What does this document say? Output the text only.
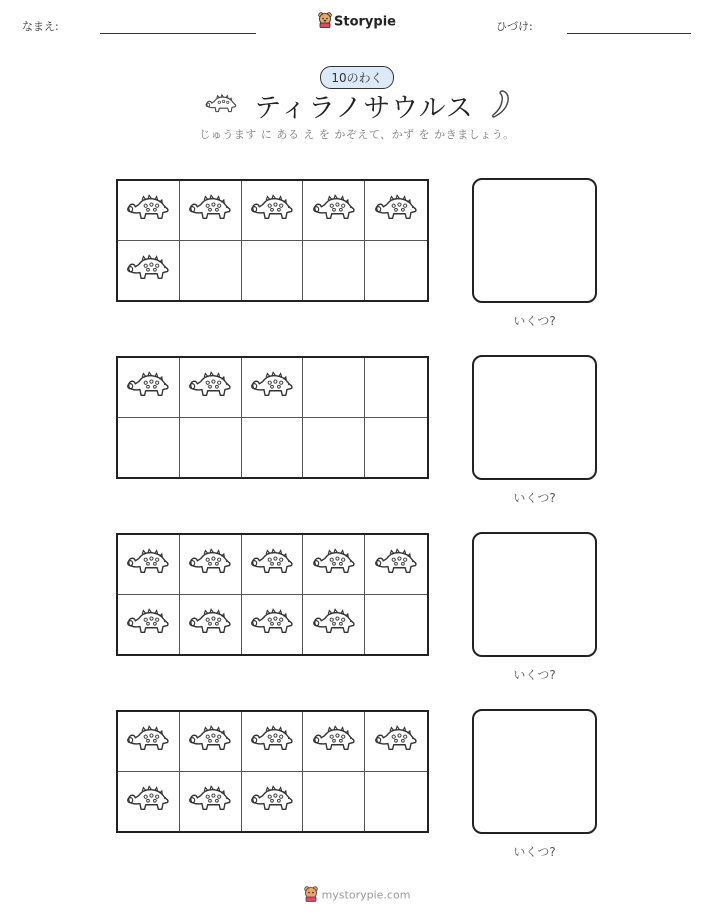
なまえ:	Storypie	ひづけ:
10のわく
ティラノサウルス
じゅうます に ある え を かぞえて、かず を かきましょう。
いくつ?
いくつ?
いくつ?
いくつ?
mystorypie.com
